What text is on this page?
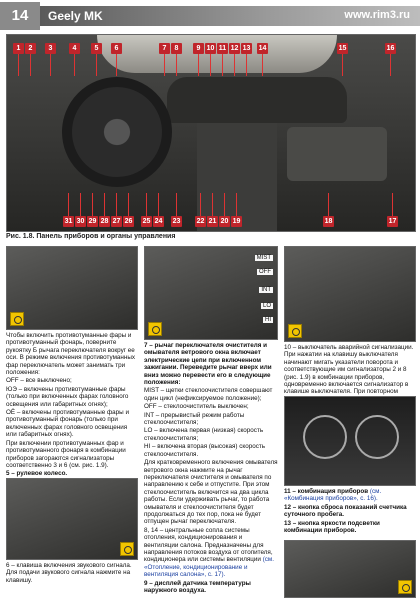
14	Geely MK	www.rim3.ru
1	2	3	4	5	6	7	8	9 10 11 12 13 14	15	16
31 30 29 28 27 26 25 24 23 22 21 20 19	18	17
Рис. 1.8. Панель приборов и органы управления

Чтобы включить противотуманные фары и противотуманный фонарь, поверните рукоятку Б рычага переключателя вокруг ее оси. В режиме включения противотуманных фар переключатель может занимать три положения:

OFF – все выключено;

ЮЭ – включены противотуманные фары (только при включенных фарах головного освещения или габаритных огнях);

ОЁ – включены противотуманные фары и противотуманный фонарь (только при включенных фарах головного освещения или габаритных огнях).

При включении противотуманных фар и противотуманного фонаря в комбинации приборов загораются сигнализаторы соответственно 3 и 6 (см. рис. 1.9).

5 – рулевое колесо.

6 – клавиша включения звукового сигнала. Для подачи звукового сигнала нажмите на клавишу.

MIST
OFF
INT
LO
HI

7 – рычаг переключателя очистителя и омывателя ветрового окна включает электрические цепи при включенном зажигании. Переведите рычаг вверх или вниз можно перевести его в следующие положения:

MIST – щетки стеклоочистителя совершают один цикл (нефиксируемое положение);

OFF – стеклоочиститель выключен;

INT – прерывистый режим работы стеклоочистителя;

LO – включена первая (низкая) скорость стеклоочистителя;

HI – включена вторая (высокая) скорость стеклоочистителя.

Для кратковременного включения омывателя ветрового окна нажмите на рычаг переключателя очистителя и омывателя по направлению к себе и отпустите. При этом стеклоочиститель включится на два цикла работы. Если удерживать рычаг, то работа омывателя и стеклоочистителя будет продолжаться до тех пор, пока не будет отпущен рычаг переключателя.

8, 14 – центральные сопла системы отопления, кондиционирования и вентиляции салона. Предназначены для направления потоков воздуха от отопителя, кондиционера или системы вентиляции (см. «Отопление, кондиционирование и вентиляция салона», с. 17).

9 – дисплей датчика температуры наружного воздуха.

10 – выключатель аварийной сигнализации. При нажатии на клавишу выключателя начинают мигать указатели поворота и соответствующие им сигнализаторы 2 и 8 (рис. 1.9) в комбинации приборов, одновременно включается сигнализатор в клавише выключателя. При повторном

11 – комбинация приборов (см. «Комбинация приборов», с. 16).

12 – кнопка сброса показаний счетчика суточного пробега.

13 – кнопка яркости подсветки комбинации приборов.
